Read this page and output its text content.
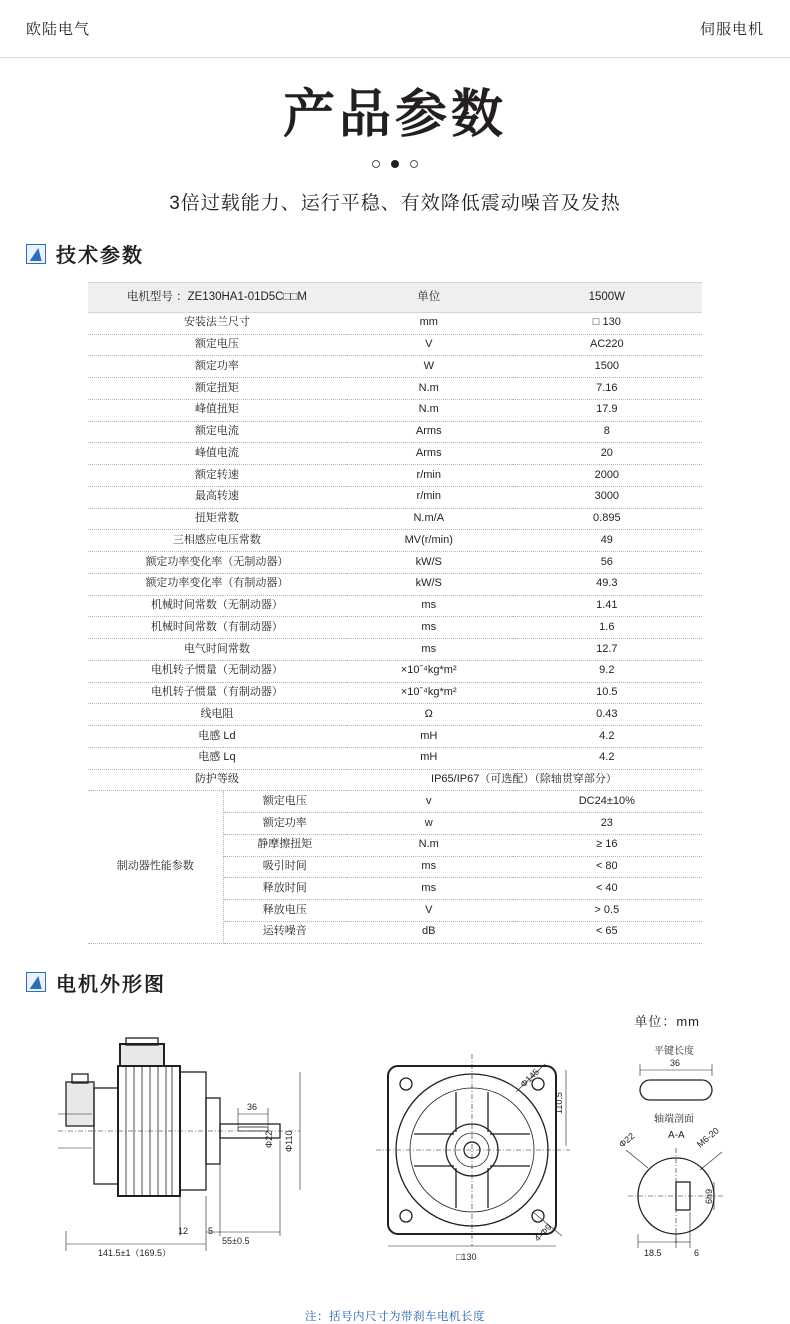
欧陆电气	伺服电机
产品参数
3倍过载能力、运行平稳、有效降低震动噪音及发热
技术参数
电机型号 ：ZE130HA1-01D5C□□M		单位	1500W
安装法兰尺寸		mm	□ 130
额定电压		V	AC220
额定功率		W	1500
额定扭矩		N.m	7.16
峰值扭矩		N.m	17.9
额定电流		Arms	8
峰值电流		Arms	20
额定转速		r/min	2000
最高转速		r/min	3000
扭矩常数		N.m/A	0.895
三相感应电压常数		MV(r/min)	49
额定功率变化率（无制动器）		kW/S	56
额定功率变化率（有制动器）		kW/S	49.3
机械时间常数（无制动器）		ms	1.41
机械时间常数（有制动器）		ms	1.6
电气时间常数		ms	12.7
电机转子惯量（无制动器）		×10ˉ⁴kg*m²	9.2
电机转子惯量（有制动器）		×10ˉ⁴kg*m²	10.5
线电阻		Ω	0.43
电感 Ld		mH	4.2
电感 Lq		mH	4.2
防护等级		IP65/IP67（可选配）（除轴贯穿部分）	
制动器性能参数	额定电压	v	DC24±10%
	额定功率	w	23
	静摩擦扭矩	N.m	≥ 16
	吸引时间	ms	< 80
	释放时间	ms	< 40
	释放电压	V	> 0.5
	运转噪音	dB	< 65
电机外形图
单位：mm
36
Φ22 Φ110
141.5±1（169.5）
55±0.5
12 5
Φ145
110.5
4-Φ9
□130
平键长度
36
轴端剖面
A-A
Φ22	M6-20
18.5	6
6h9
注：括号内尺寸为带刹车电机长度
